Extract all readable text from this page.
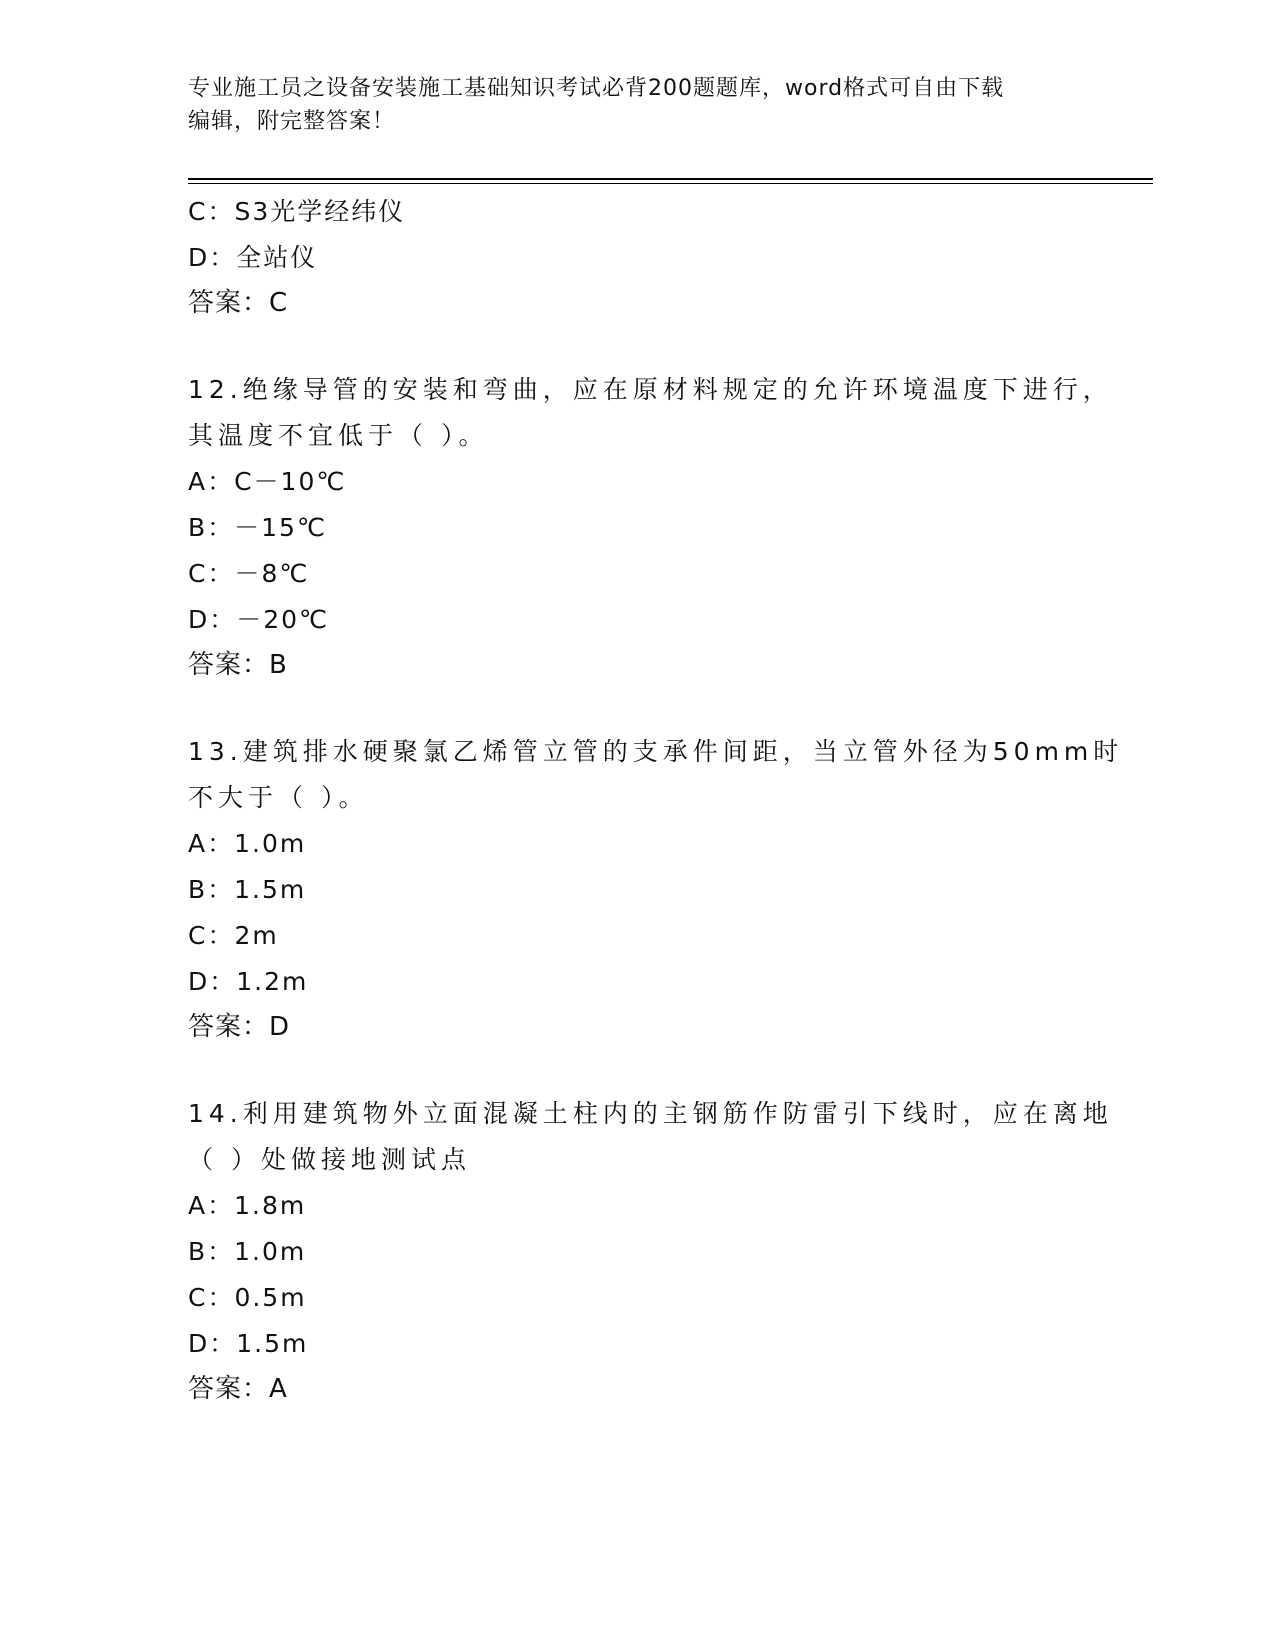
专业施工员之设备安装施工基础知识考试必背200题题库，word格式可自由下载
编辑，附完整答案！
C：S3光学经纬仪
D：全站仪
答案：C
12.绝缘导管的安装和弯曲，应在原材料规定的允许环境温度下进行，
其温度不宜低于（ ）。
A：C－10℃
B：－15℃
C：－8℃
D：－20℃
答案：B
13.建筑排水硬聚氯乙烯管立管的支承件间距，当立管外径为50mm时
不大于（ ）。
A：1.0m
B：1.5m
C：2m
D：1.2m
答案：D
14.利用建筑物外立面混凝土柱内的主钢筋作防雷引下线时，应在离地
（ ）处做接地测试点
A：1.8m
B：1.0m
C：0.5m
D：1.5m
答案：A
